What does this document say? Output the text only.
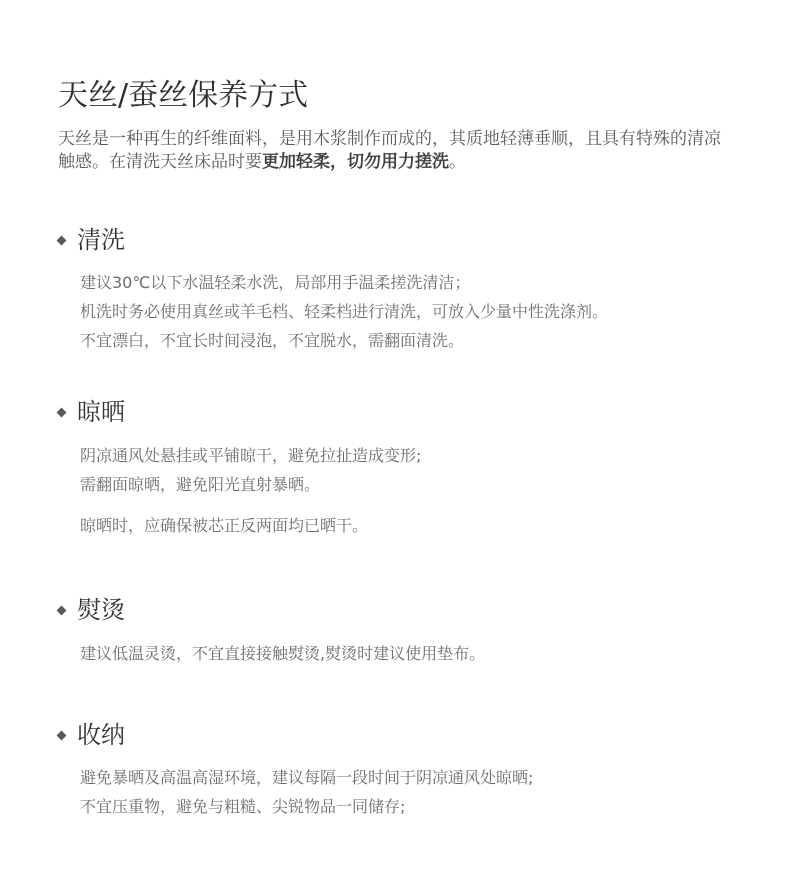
天丝/蚕丝保养方式

天丝是一种再生的纤维面料，是用木浆制作而成的，其质地轻薄垂顺，且具有特殊的清凉
触感。在清洗天丝床品时要更加轻柔，切勿用力搓洗。

清洗
建议30℃以下水温轻柔水洗，局部用手温柔搓洗清洁；
机洗时务必使用真丝或羊毛档、轻柔档进行清洗，可放入少量中性洗涤剂。
不宜漂白，不宜长时间浸泡，不宜脱水，需翻面清洗。
晾晒
阴凉通风处悬挂或平铺晾干，避免拉扯造成变形;
需翻面晾晒，避免阳光直射暴晒。
晾晒时，应确保被芯正反两面均已晒干。
熨烫
建议低温灵烫，不宜直接接触熨烫,熨烫时建议使用垫布。
收纳
避免暴晒及高温高湿环境，建议每隔一段时间于阴凉通风处晾晒;
不宜压重物，避免与粗糙、尖锐物品一同储存;
